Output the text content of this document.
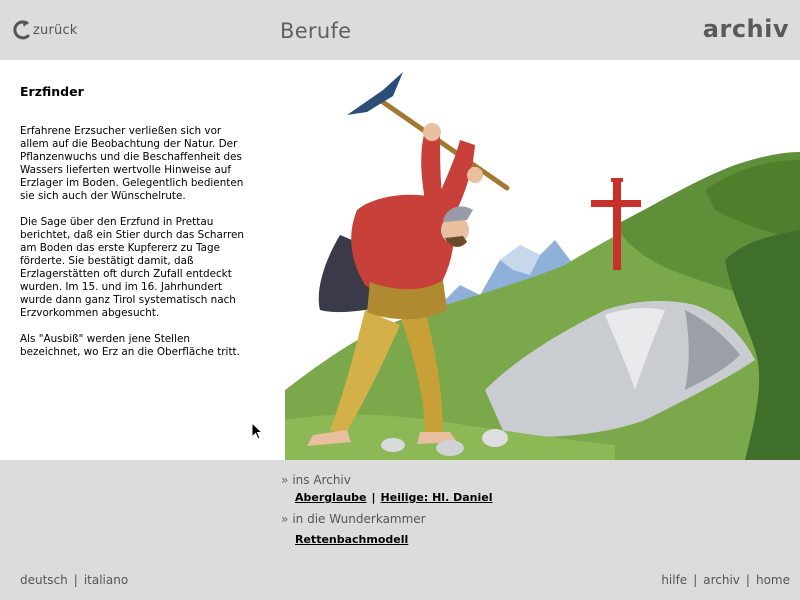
zurück	Berufe	archiv
Erzfinder

Erfahrene Erzsucher verließen sich vor allem auf die Beobachtung der Natur. Der Pflanzenwuchs und die Beschaffenheit des Wassers lieferten wertvolle Hinweise auf Erzlager im Boden. Gelegentlich bedienten sie sich auch der Wünschelrute.

Die Sage über den Erzfund in Prettau berichtet, daß ein Stier durch das Scharren am Boden das erste Kupfererz zu Tage förderte. Sie bestätigt damit, daß Erzlagerstätten oft durch Zufall entdeckt wurden. Im 15. und im 16. Jahrhundert wurde dann ganz Tirol systematisch nach Erzvorkommen abgesucht.

Als "Ausbiß" werden jene Stellen bezeichnet, wo Erz an die Oberfläche tritt.

» ins Archiv
Aberglaube | Heilige: Hl. Daniel
» in die Wunderkammer
Rettenbachmodell
deutsch | italiano	hilfe | archiv | home
